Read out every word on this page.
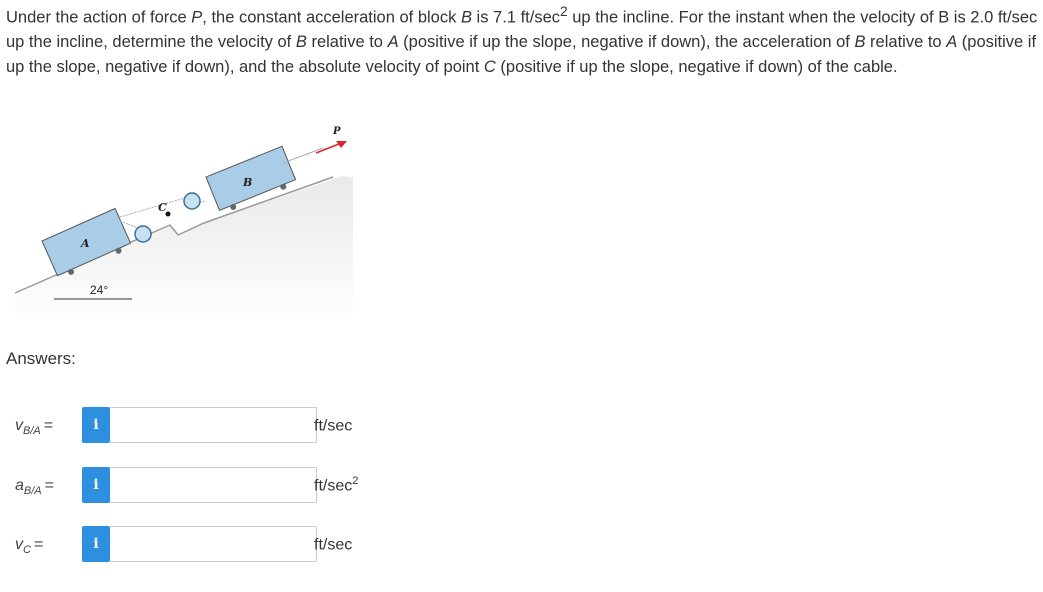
Under the action of force P, the constant acceleration of block B is 7.1 $ft/\sec^2$ up the incline. For the instant when the velocity of B is 2.0 ft/sec up the incline, determine the velocity of B relative to A (positive if up the slope, negative if down), the acceleration of B relative to A (positive if up the slope, negative if down), and the absolute velocity of point C (positive if up the slope, negative if down) of the cable.
A
B
C
P
24°
Answers:
$v_{B/A}$ =	i	ft/sec
$a_{B/A}$ =	i	$ft/\sec^2$
$v_C$ =	i	ft/sec
